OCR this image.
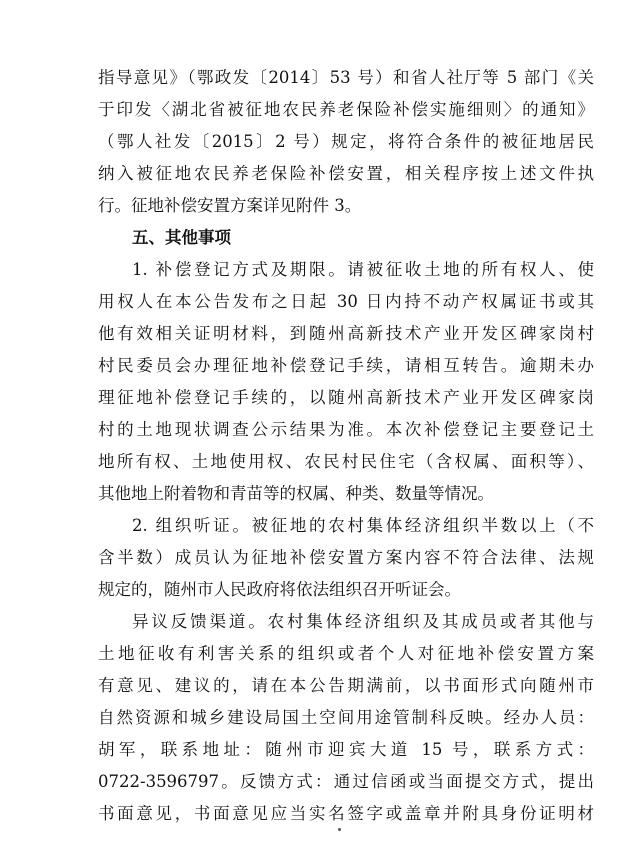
指导意见》（鄂政发〔2014〕53 号）和省人社厅等 5 部门《关
于印发〈湖北省被征地农民养老保险补偿实施细则〉的通知》
（鄂人社发〔2015〕2 号）规定，将符合条件的被征地居民
纳入被征地农民养老保险补偿安置，相关程序按上述文件执
行。征地补偿安置方案详见附件 3。
五、其他事项
1. 补偿登记方式及期限。请被征收土地的所有权人、使
用权人在本公告发布之日起 30 日内持不动产权属证书或其
他有效相关证明材料，到随州高新技术产业开发区碑家岗村
村民委员会办理征地补偿登记手续，请相互转告。逾期未办
理征地补偿登记手续的，以随州高新技术产业开发区碑家岗
村的土地现状调查公示结果为准。本次补偿登记主要登记土
地所有权、土地使用权、农民村民住宅（含权属、面积等）、
其他地上附着物和青苗等的权属、种类、数量等情况。
2. 组织听证。被征地的农村集体经济组织半数以上（不
含半数）成员认为征地补偿安置方案内容不符合法律、法规
规定的，随州市人民政府将依法组织召开听证会。
异议反馈渠道。农村集体经济组织及其成员或者其他与
土地征收有利害关系的组织或者个人对征地补偿安置方案
有意见、建议的，请在本公告期满前，以书面形式向随州市
自然资源和城乡建设局国土空间用途管制科反映。经办人员：
胡军，联系地址：随州市迎宾大道 15 号，联系方式：
0722-3596797。反馈方式：通过信函或当面提交方式，提出
书面意见，书面意见应当实名签字或盖章并附具身份证明材
